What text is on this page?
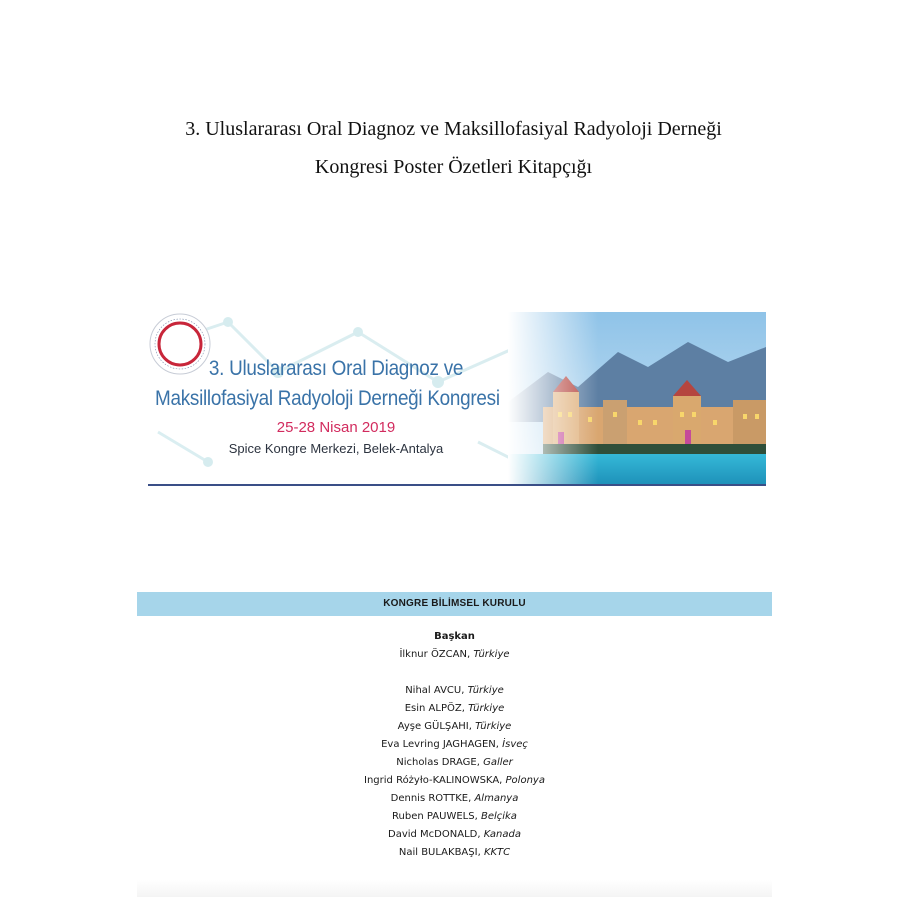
3. Uluslararası Oral Diagnoz ve Maksillofasiyal Radyoloji Derneği
Kongresi Poster Özetleri Kitapçığı
3. Uluslararası Oral Diagnoz ve
Maksillofasiyal Radyoloji Derneği Kongresi
25-28 Nisan 2019
Spice Kongre Merkezi, Belek-Antalya
KONGRE BİLİMSEL KURULU
Başkan
İlknur ÖZCAN, Türkiye
Nihal AVCU, Türkiye
Esin ALPÖZ, Türkiye
Ayşe GÜLŞAHI, Türkiye
Eva Levring JAGHAGEN, İsveç
Nicholas DRAGE, Galler
Ingrid Różyło-KALINOWSKA, Polonya
Dennis ROTTKE, Almanya
Ruben PAUWELS, Belçika
David McDONALD, Kanada
Nail BULAKBAŞI, KKTC
